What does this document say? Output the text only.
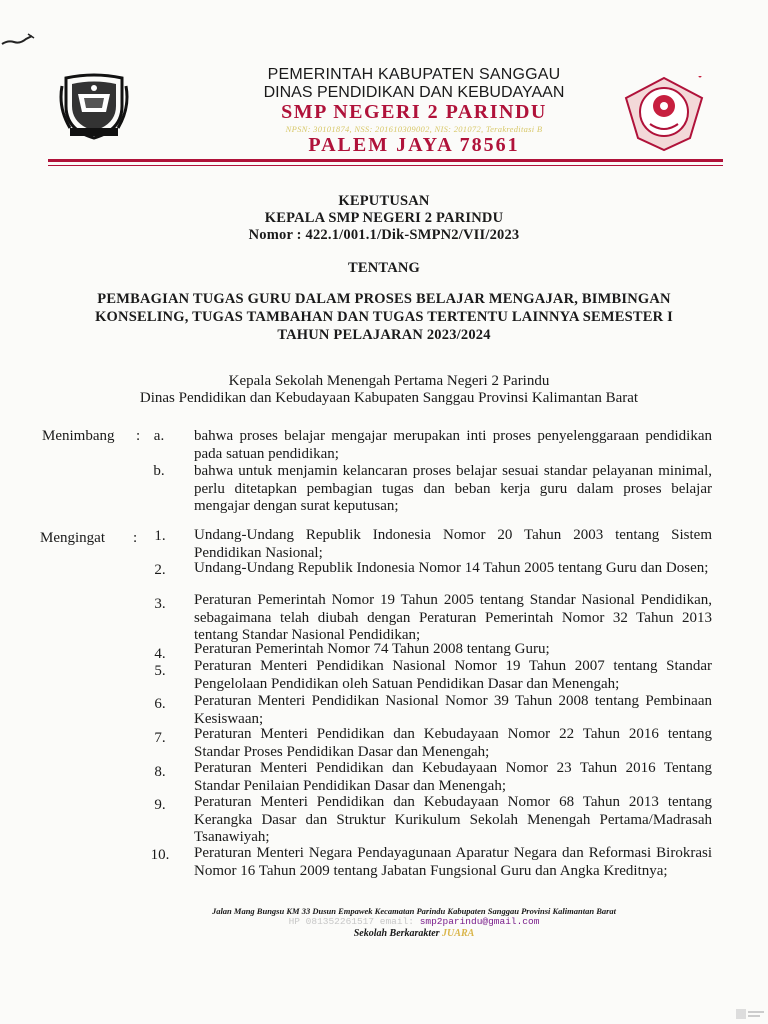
PEMERINTAH KABUPATEN SANGGAU
DINAS PENDIDIKAN DAN KEBUDAYAAN
SMP NEGERI 2 PARINDU
NPSN: 30101874, NSS: 201610309002, NIS: 201072, Terakreditasi B
PALEM JAYA 78561
KEPUTUSAN
KEPALA SMP NEGERI 2 PARINDU
Nomor : 422.1/001.1/Dik-SMPN2/VII/2023
TENTANG
PEMBAGIAN TUGAS GURU DALAM PROSES BELAJAR MENGAJAR, BIMBINGAN
KONSELING, TUGAS TAMBAHAN DAN TUGAS TERTENTU LAINNYA SEMESTER I
TAHUN PELAJARAN 2023/2024
Kepala Sekolah Menengah Pertama Negeri 2 Parindu
Dinas Pendidikan dan Kebudayaan Kabupaten Sanggau Provinsi Kalimantan Barat
Menimbang : a.	bahwa proses belajar mengajar merupakan inti proses penyelenggaraan pendidikan pada satuan pendidikan;
b.	bahwa untuk menjamin kelancaran proses belajar sesuai standar pelayanan minimal, perlu ditetapkan pembagian tugas dan beban kerja guru dalam proses belajar mengajar dengan surat keputusan;
Mengingat :	1.	Undang-Undang Republik Indonesia Nomor 20 Tahun 2003 tentang Sistem Pendidikan Nasional;
2.	Undang-Undang Republik Indonesia Nomor 14 Tahun 2005 tentang Guru dan Dosen;
3.	Peraturan Pemerintah Nomor 19 Tahun 2005 tentang Standar Nasional Pendidikan, sebagaimana telah diubah dengan Peraturan Pemerintah Nomor 32 Tahun 2013 tentang Standar Nasional Pendidikan;
4.	Peraturan Pemerintah Nomor 74 Tahun 2008 tentang Guru;
5.	Peraturan Menteri Pendidikan Nasional Nomor 19 Tahun 2007 tentang Standar Pengelolaan Pendidikan oleh Satuan Pendidikan Dasar dan Menengah;
6.	Peraturan Menteri Pendidikan Nasional Nomor 39 Tahun 2008 tentang Pembinaan Kesiswaan;
7.	Peraturan Menteri Pendidikan dan Kebudayaan Nomor 22 Tahun 2016 tentang Standar Proses Pendidikan Dasar dan Menengah;
8.	Peraturan Menteri Pendidikan dan Kebudayaan Nomor 23 Tahun 2016 Tentang Standar Penilaian Pendidikan Dasar dan Menengah;
9.	Peraturan Menteri Pendidikan dan Kebudayaan Nomor 68 Tahun 2013 tentang Kerangka Dasar dan Struktur Kurikulum Sekolah Menengah Pertama/Madrasah Tsanawiyah;
10.	Peraturan Menteri Negara Pendayagunaan Aparatur Negara dan Reformasi Birokrasi Nomor 16 Tahun 2009 tentang Jabatan Fungsional Guru dan Angka Kreditnya;
Jalan Mang Bungsu KM 33 Dusun Empawek Kecamatan Parindu Kabupaten Sanggau Provinsi Kalimantan Barat
HP 081352261517 email: smp2parindu@gmail.com
Sekolah Berkarakter JUARA
